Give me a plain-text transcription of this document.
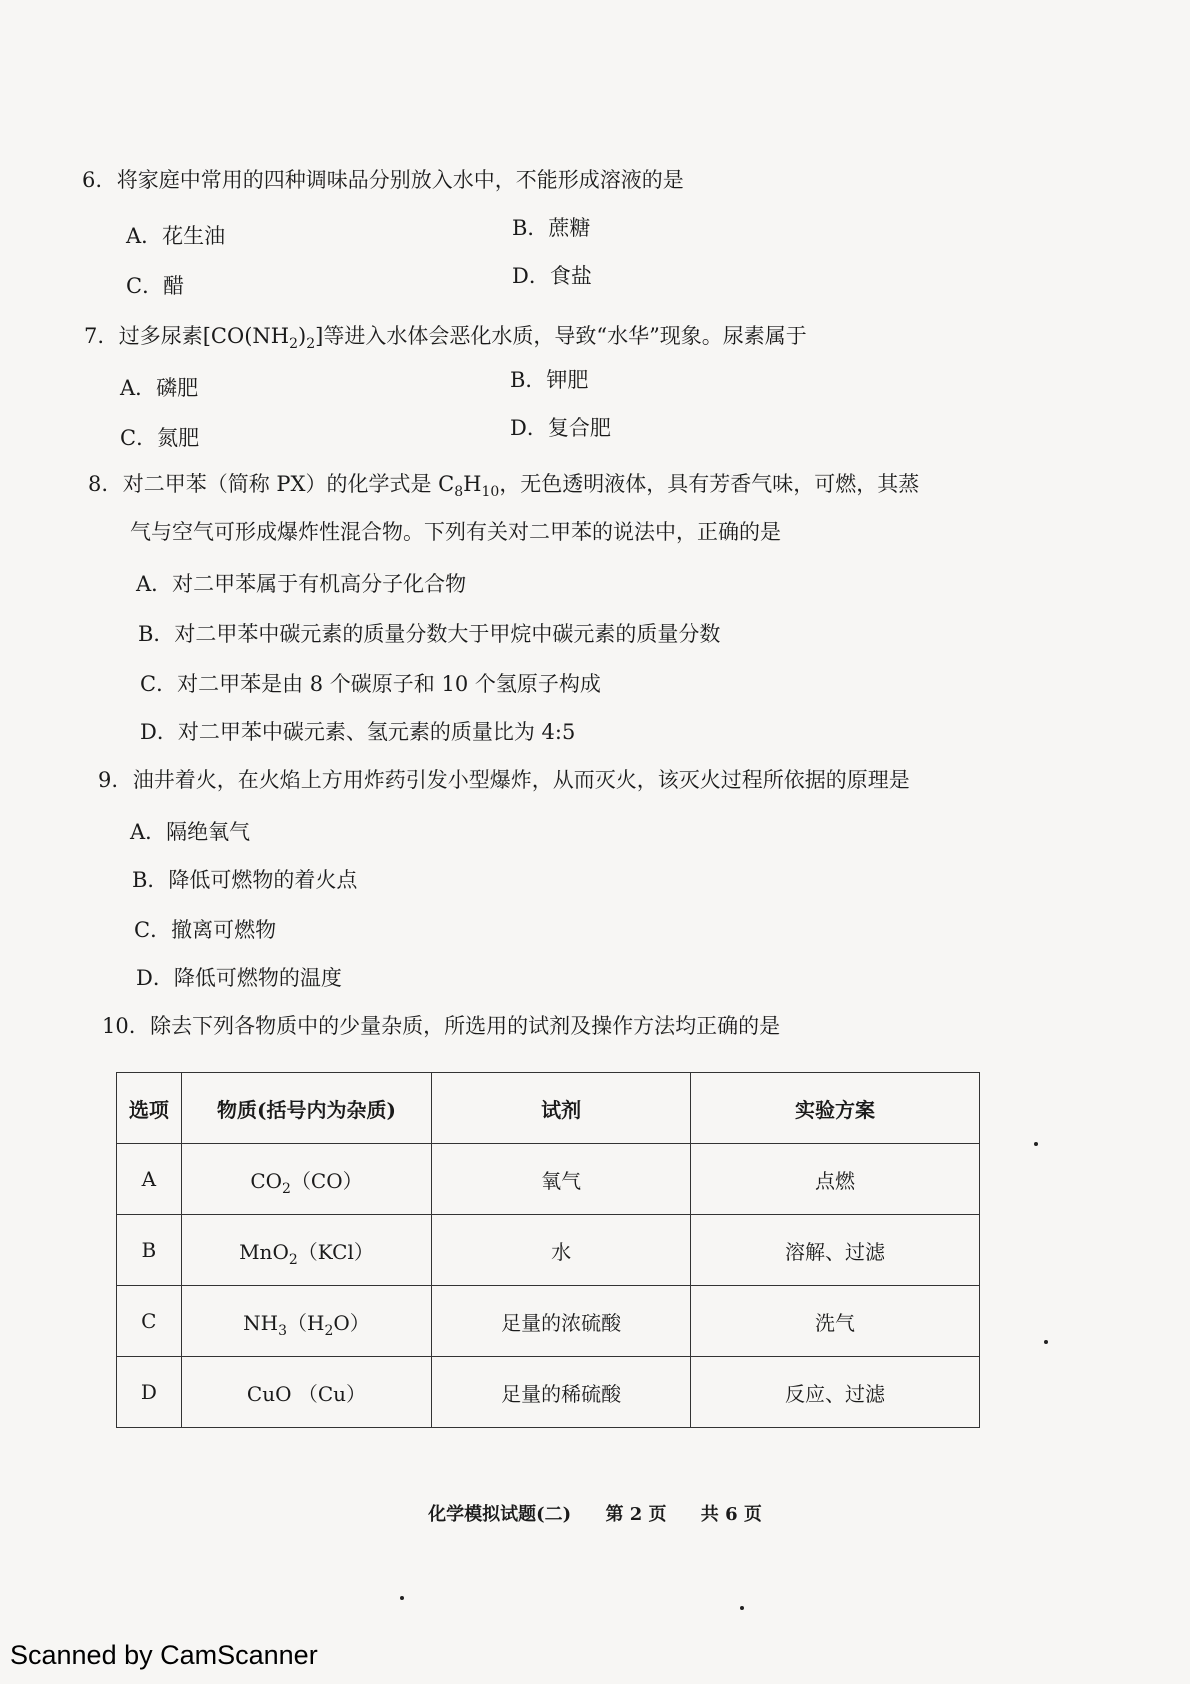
6. 将家庭中常用的四种调味品分别放入水中，不能形成溶液的是
A．花生油	B．蔗糖
C．醋	D．食盐
7. 过多尿素$[CO(NH_2)_2]$等进入水体会恶化水质，导致“水华”现象。尿素属于
A．磷肥	B．钾肥
C．氮肥	D．复合肥
8. 对二甲苯（简称 PX）的化学式是 $C_8H_{10}$，无色透明液体，具有芳香气味，可燃，其蒸
气与空气可形成爆炸性混合物。下列有关对二甲苯的说法中，正确的是
A．对二甲苯属于有机高分子化合物
B．对二甲苯中碳元素的质量分数大于甲烷中碳元素的质量分数
C．对二甲苯是由 8 个碳原子和 10 个氢原子构成
D．对二甲苯中碳元素、氢元素的质量比为 4:5
9. 油井着火，在火焰上方用炸药引发小型爆炸，从而灭火，该灭火过程所依据的原理是
A．隔绝氧气
B．降低可燃物的着火点
C．撤离可燃物
D．降低可燃物的温度
10. 除去下列各物质中的少量杂质，所选用的试剂及操作方法均正确的是
选项	物质(括号内为杂质)	试剂	实验方案
A	$CO_2(CO)$	氧气	点燃
B	MnO$_2$（KCl）	水	溶解、过滤
C	$NH_3(H_2O)$	足量的浓硫酸	洗气
D	CuO （Cu）	足量的稀硫酸	反应、过滤
化学模拟试题(二) 第 2 页 共 6 页
Scanned by CamScanner
